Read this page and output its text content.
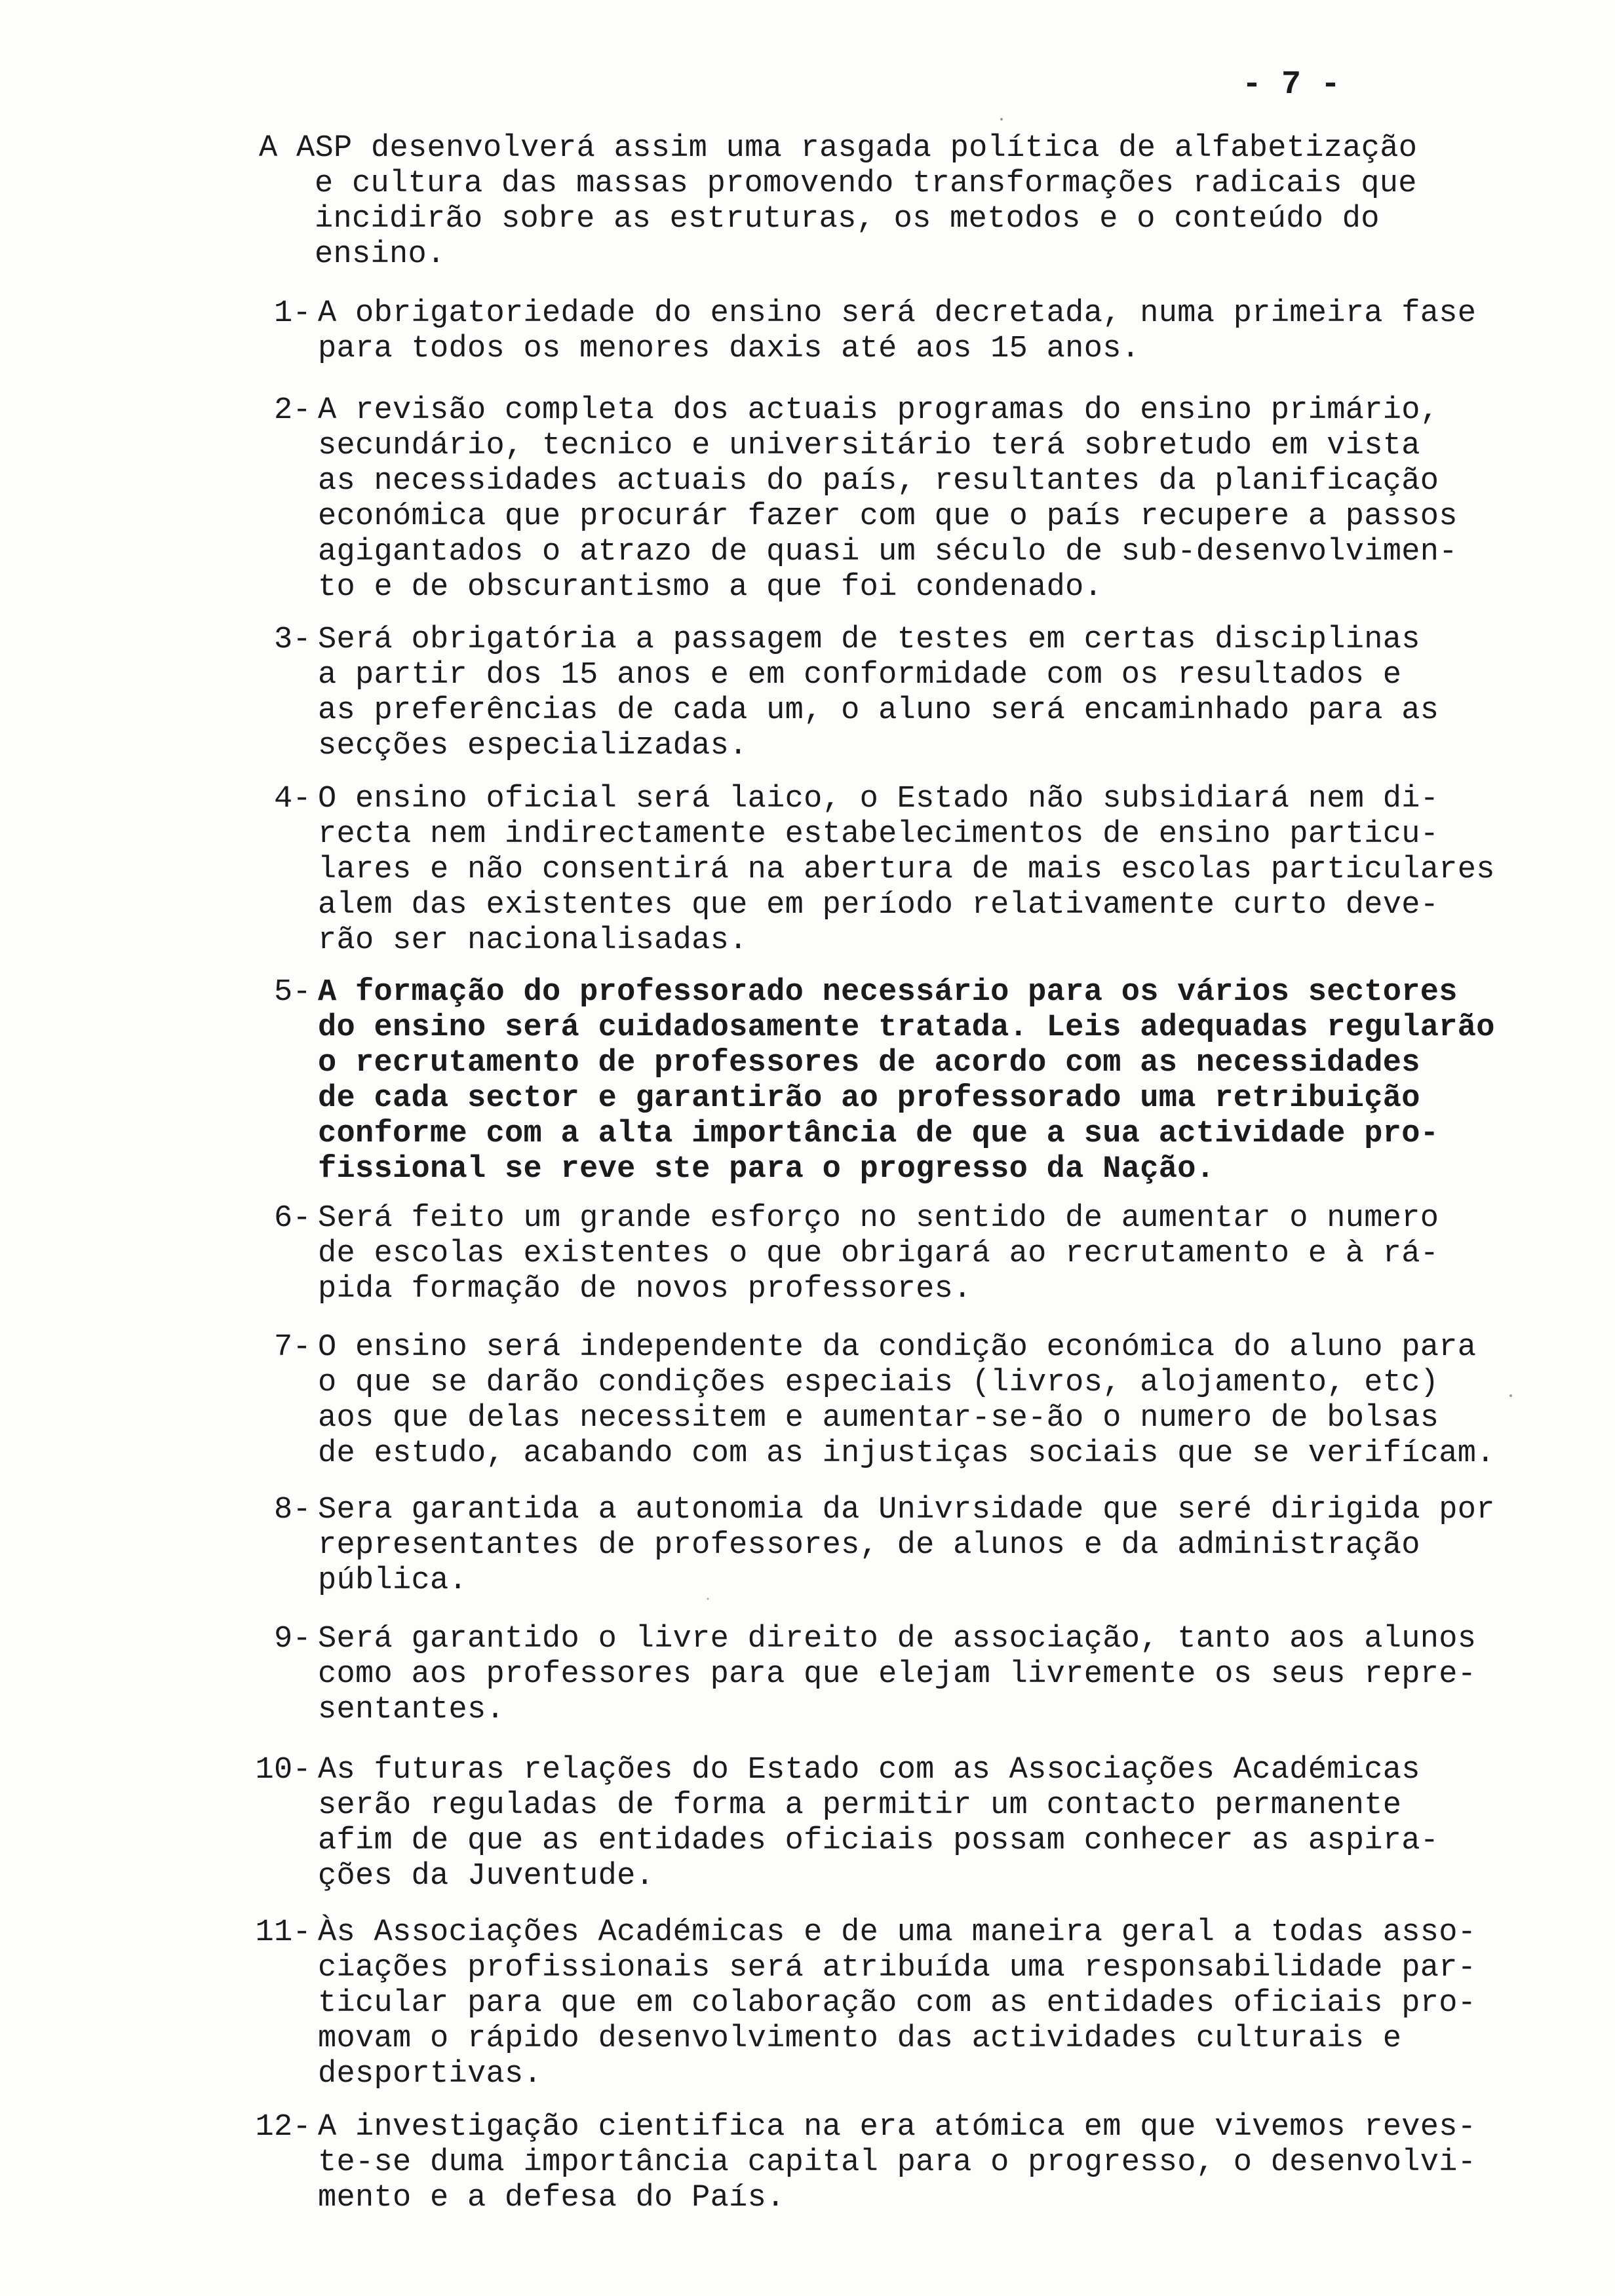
- 7 -

A ASP desenvolverá assim uma rasgada política de alfabetização
e cultura das massas promovendo transformações radicais que
incidirão sobre as estruturas, os metodos e o conteúdo do
ensino.

1- A obrigatoriedade do ensino será decretada, numa primeira fase
para todos os menores daxis até aos 15 anos.
2- A revisão completa dos actuais programas do ensino primário,
secundário, tecnico e universitário terá sobretudo em vista
as necessidades actuais do país, resultantes da planificação
económica que procurár fazer com que o país recupere a passos
agigantados o atrazo de quasi um século de sub-desenvolvimen-
to e de obscurantismo a que foi condenado.
3- Será obrigatória a passagem de testes em certas disciplinas
a partir dos 15 anos e em conformidade com os resultados e
as preferências de cada um, o aluno será encaminhado para as
secções especializadas.
4- O ensino oficial será laico, o Estado não subsidiará nem di-
recta nem indirectamente estabelecimentos de ensino particu-
lares e não consentirá na abertura de mais escolas particulares
alem das existentes que em período relativamente curto deve-
rão ser nacionalisadas.
5- A formação do professorado necessário para os vários sectores
do ensino será cuidadosamente tratada. Leis adequadas regularão
o recrutamento de professores de acordo com as necessidades
de cada sector e garantirão ao professorado uma retribuição
conforme com a alta importância de que a sua actividade pro-
fissional se reve ste para o progresso da Nação.
6- Será feito um grande esforço no sentido de aumentar o numero
de escolas existentes o que obrigará ao recrutamento e à rá-
pida formação de novos professores.
7- O ensino será independente da condição económica do aluno para
o que se darão condições especiais (livros, alojamento, etc)
aos que delas necessitem e aumentar-se-ão o numero de bolsas
de estudo, acabando com as injustiças sociais que se verifícam.
8- Sera garantida a autonomia da Univrsidade que seré dirigida por
representantes de professores, de alunos e da administração
pública.
9- Será garantido o livre direito de associação, tanto aos alunos
como aos professores para que elejam livremente os seus repre-
sentantes.
10- As futuras relações do Estado com as Associações Académicas
serão reguladas de forma a permitir um contacto permanente
afim de que as entidades oficiais possam conhecer as aspira-
ções da Juventude.
11- Às Associações Académicas e de uma maneira geral a todas asso-
ciações profissionais será atribuída uma responsabilidade par-
ticular para que em colaboração com as entidades oficiais pro-
movam o rápido desenvolvimento das actividades culturais e
desportivas.
12- A investigação cientifica na era atómica em que vivemos reves-
te-se duma importância capital para o progresso, o desenvolvi-
mento e a defesa do País.
